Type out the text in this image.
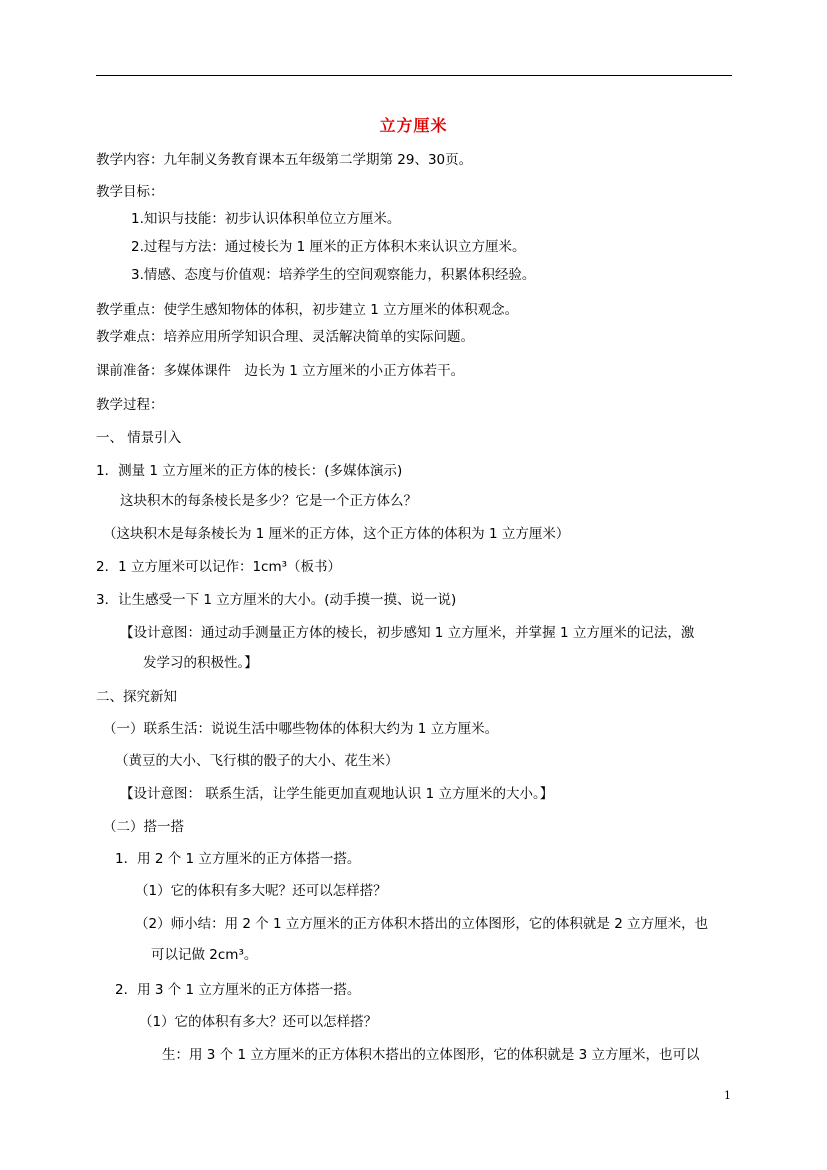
立方厘米
教学内容：九年制义务教育课本五年级第二学期第 29、30页。
教学目标：
1.知识与技能：初步认识体积单位立方厘米。
2.过程与方法：通过棱长为 1 厘米的正方体积木来认识立方厘米。
3.情感、态度与价值观：培养学生的空间观察能力，积累体积经验。
教学重点：使学生感知物体的体积，初步建立 1 立方厘米的体积观念。
教学难点：培养应用所学知识合理、灵活解决简单的实际问题。
课前准备：多媒体课件　边长为 1 立方厘米的小正方体若干。
教学过程：
一、 情景引入
1．测量 1 立方厘米的正方体的棱长：(多媒体演示)
这块积木的每条棱长是多少？它是一个正方体么？
（这块积木是每条棱长为 1 厘米的正方体，这个正方体的体积为 1 立方厘米）
2．1 立方厘米可以记作：1cm³（板书）
3．让生感受一下 1 立方厘米的大小。(动手摸一摸、说一说)
【设计意图：通过动手测量正方体的棱长，初步感知 1 立方厘米，并掌握 1 立方厘米的记法，激
发学习的积极性。】
二、探究新知
（一）联系生活：说说生活中哪些物体的体积大约为 1 立方厘米。
（黄豆的大小、飞行棋的骰子的大小、花生米）
【设计意图： 联系生活，让学生能更加直观地认识 1 立方厘米的大小。】
（二）搭一搭
1．用 2 个 1 立方厘米的正方体搭一搭。
（1）它的体积有多大呢？还可以怎样搭？
（2）师小结：用 2 个 1 立方厘米的正方体积木搭出的立体图形，它的体积就是 2 立方厘米，也
可以记做 2cm³。
2．用 3 个 1 立方厘米的正方体搭一搭。
（1）它的体积有多大？还可以怎样搭？
生：用 3 个 1 立方厘米的正方体积木搭出的立体图形，它的体积就是 3 立方厘米，也可以
1
